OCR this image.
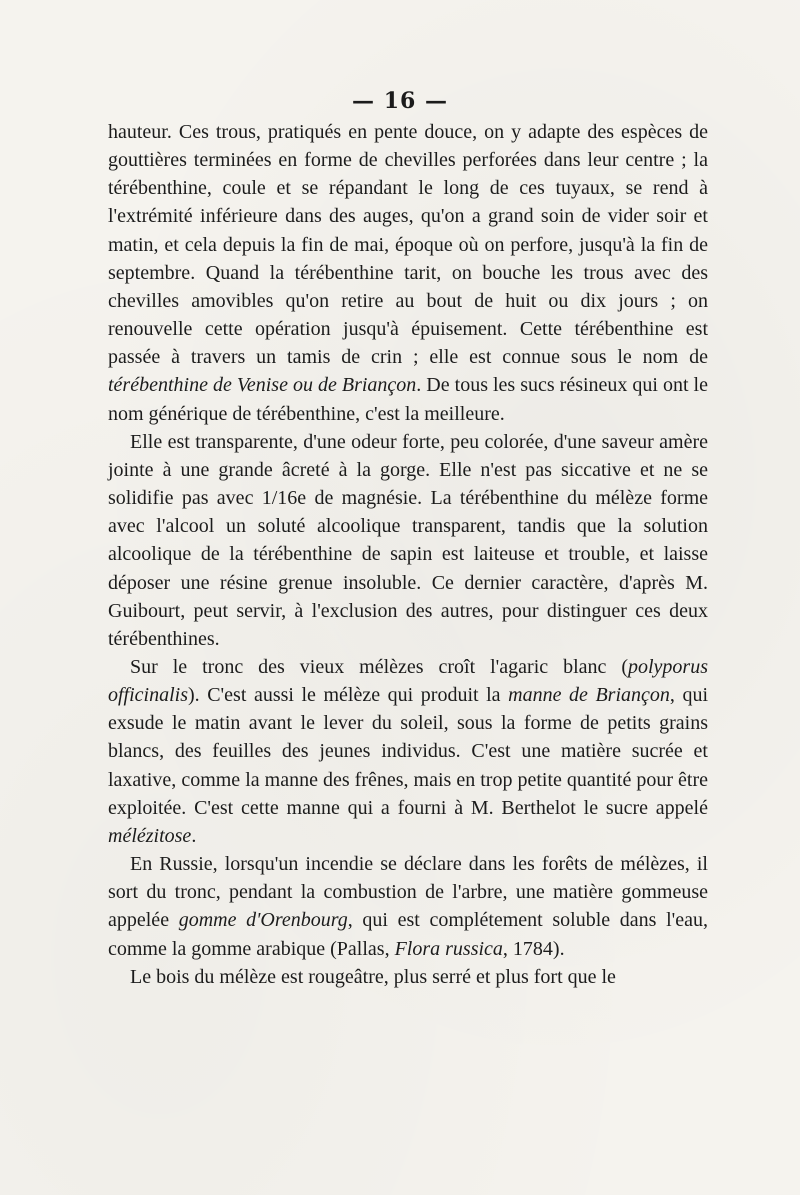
— 16 —

hauteur. Ces trous, pratiqués en pente douce, on y adapte des espèces de gouttières terminées en forme de chevilles perforées dans leur centre ; la térébenthine, coule et se répandant le long de ces tuyaux, se rend à l'extrémité inférieure dans des auges, qu'on a grand soin de vider soir et matin, et cela depuis la fin de mai, époque où on perfore, jusqu'à la fin de septembre. Quand la térébenthine tarit, on bouche les trous avec des chevilles amovibles qu'on retire au bout de huit ou dix jours ; on renouvelle cette opération jusqu'à épuisement. Cette térébenthine est passée à travers un tamis de crin ; elle est connue sous le nom de térébenthine de Venise ou de Briançon. De tous les sucs résineux qui ont le nom générique de térébenthine, c'est la meilleure.

Elle est transparente, d'une odeur forte, peu colorée, d'une saveur amère jointe à une grande âcreté à la gorge. Elle n'est pas siccative et ne se solidifie pas avec 1/16e de magnésie. La térébenthine du mélèze forme avec l'alcool un soluté alcoolique transparent, tandis que la solution alcoolique de la térébenthine de sapin est laiteuse et trouble, et laisse déposer une résine grenue insoluble. Ce dernier caractère, d'après M. Guibourt, peut servir, à l'exclusion des autres, pour distinguer ces deux térébenthines.

Sur le tronc des vieux mélèzes croît l'agaric blanc (polyporus officinalis). C'est aussi le mélèze qui produit la manne de Briançon, qui exsude le matin avant le lever du soleil, sous la forme de petits grains blancs, des feuilles des jeunes individus. C'est une matière sucrée et laxative, comme la manne des frênes, mais en trop petite quantité pour être exploitée. C'est cette manne qui a fourni à M. Berthelot le sucre appelé mélézitose.

En Russie, lorsqu'un incendie se déclare dans les forêts de mélèzes, il sort du tronc, pendant la combustion de l'arbre, une matière gommeuse appelée gomme d'Orenbourg, qui est complétement soluble dans l'eau, comme la gomme arabique (Pallas, Flora russica, 1784).

Le bois du mélèze est rougeâtre, plus serré et plus fort que le
